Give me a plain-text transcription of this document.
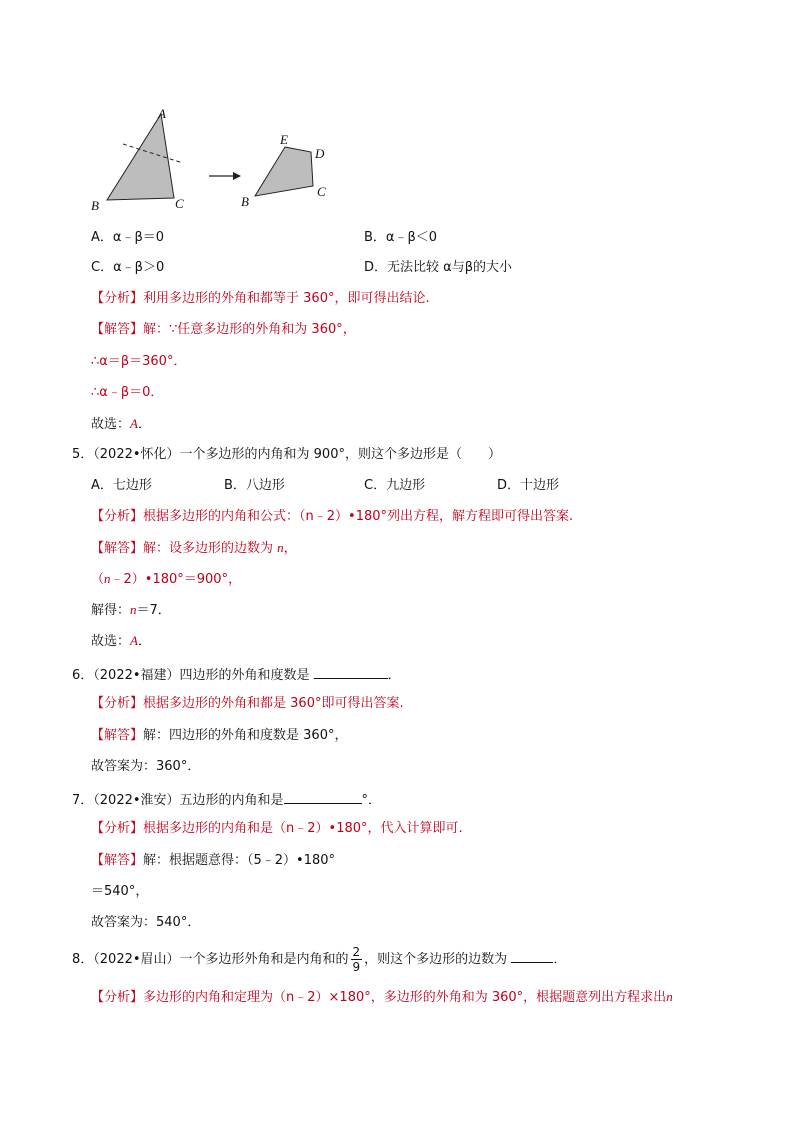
A
B	C
E
D
B
C
A．α﹣β＝0	B．α﹣β＜0
C．α﹣β＞0	D．无法比较 α与β的大小
【分析】利用多边形的外角和都等于 360°，即可得出结论.
【解答】解：∵任意多边形的外角和为 360°，
∴α＝β＝360°．
∴α﹣β＝0．
故选：A．
5．（2022•怀化）一个多边形的内角和为 900°，则这个多边形是（　　）
A．七边形	B．八边形	C．九边形	D．十边形
【分析】根据多边形的内角和公式：（n﹣2）•180°列出方程，解方程即可得出答案.
【解答】解：设多边形的边数为 n，
（n﹣2）•180°＝900°，
解得：n＝7．
故选：A．
6．（2022•福建）四边形的外角和度数是	．
【分析】根据多边形的外角和都是 360°即可得出答案.
【解答】解：四边形的外角和度数是 360°，
故答案为：360°．
7．（2022•淮安）五边形的内角和是	°．
【分析】根据多边形的内角和是（n﹣2）•180°，代入计算即可.
【解答】解：根据题意得：（5﹣2）•180°
＝540°，
故答案为：540°．
8．（2022•眉山）一个多边形外角和是内角和的 $\frac{2}{9}$ ，则这个多边形的边数为	．
【分析】多边形的内角和定理为（n﹣2）×180°，多边形的外角和为 360°，根据题意列出方程求出n
